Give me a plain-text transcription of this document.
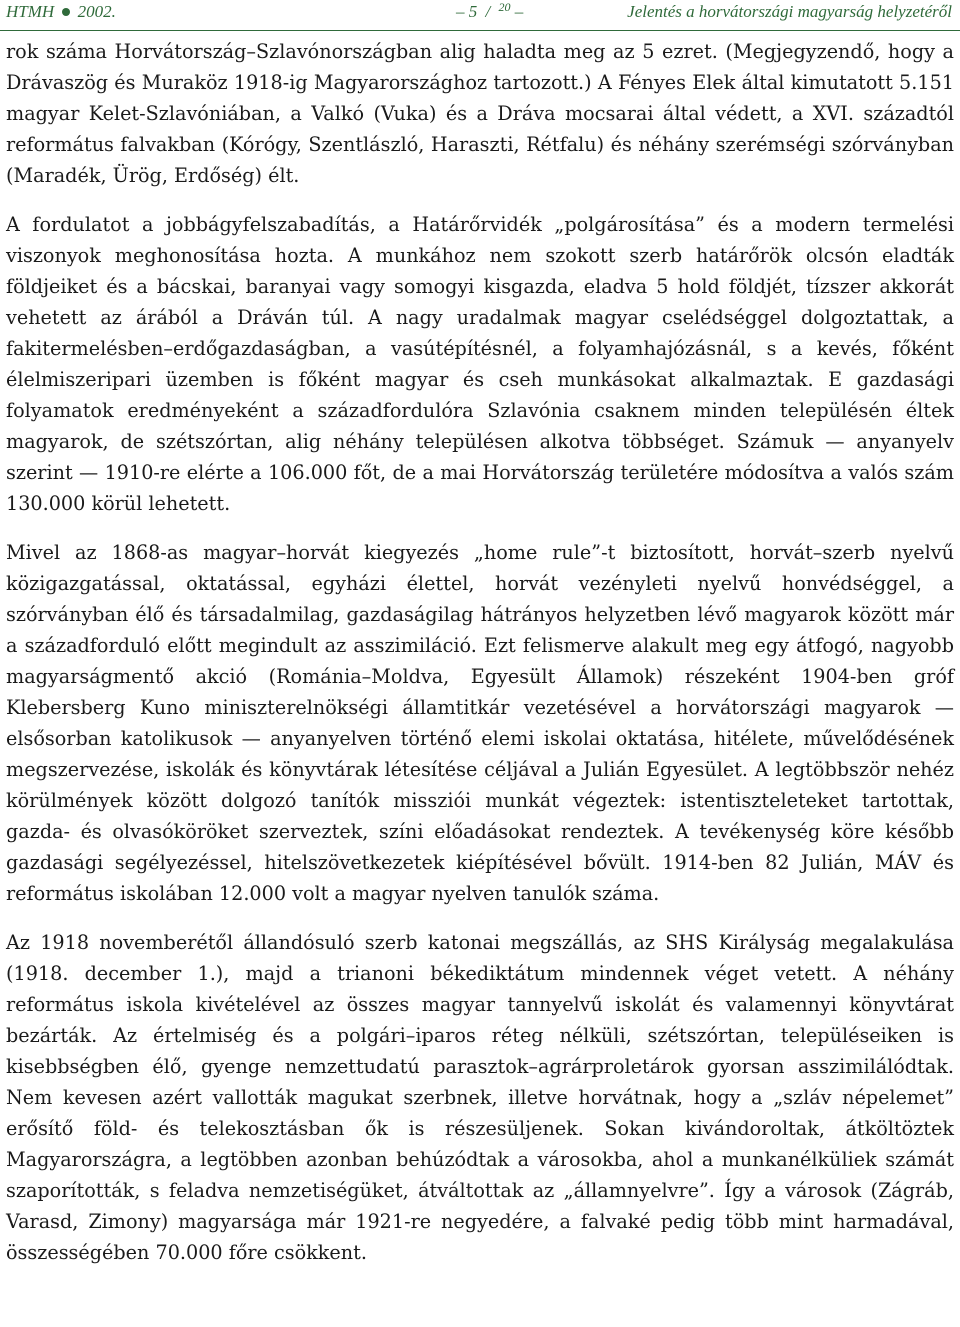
HTMH 2002.	– 5 / $^{20}$ –	Jelentés a horvátországi magyarság helyzetéről

rok száma Horvátország–Szlavónországban alig haladta meg az 5 ezret. (Megjegyzendő, hogy a Drávaszög és Muraköz 1918-ig Magyarországhoz tartozott.) A Fényes Elek által kimutatott 5.151 magyar Kelet-Szlavóniában, a Valkó (Vuka) és a Dráva mocsarai által védett, a XVI. századtól református falvakban (Kórógy, Szentlászló, Haraszti, Rétfalu) és néhány szerémségi szórványban (Maradék, Ürög, Erdőség) élt.

A fordulatot a jobbágyfelszabadítás, a Határőrvidék „polgárosítása” és a modern termelési viszonyok meghonosítása hozta. A munkához nem szokott szerb határőrök olcsón eladták földjeiket és a bácskai, baranyai vagy somogyi kisgazda, eladva 5 hold földjét, tízszer akkorát vehetett az árából a Dráván túl. A nagy uradalmak magyar cselédséggel dolgoztattak, a fakitermelésben–erdőgazdaságban, a vasútépítésnél, a folyamhajózásnál, s a kevés, főként élelmiszeripari üzemben is főként magyar és cseh munkásokat alkalmaztak. E gazdasági folyamatok eredményeként a századfordulóra Szlavónia csaknem minden településén éltek magyarok, de szétszórtan, alig néhány településen alkotva többséget. Számuk — anyanyelv szerint — 1910-re elérte a 106.000 főt, de a mai Horvátország területére módosítva a valós szám 130.000 körül lehetett.

Mivel az 1868-as magyar–horvát kiegyezés „home rule”-t biztosított, horvát–szerb nyelvű közigazgatással, oktatással, egyházi élettel, horvát vezényleti nyelvű honvédséggel, a szórványban élő és társadalmilag, gazdaságilag hátrányos helyzetben lévő magyarok között már a századforduló előtt megindult az asszimiláció. Ezt felismerve alakult meg egy átfogó, nagyobb magyarságmentő akció (Románia–Moldva, Egyesült Államok) részeként 1904-ben gróf Klebersberg Kuno miniszterelnökségi államtitkár vezetésével a horvátországi magyarok — elsősorban katolikusok — anyanyelven történő elemi iskolai oktatása, hitélete, művelődésének megszervezése, iskolák és könyvtárak létesítése céljával a Julián Egyesület. A legtöbbször nehéz körülmények között dolgozó tanítók missziói munkát végeztek: istentiszteleteket tartottak, gazda- és olvasóköröket szerveztek, színi előadásokat rendeztek. A tevékenység köre később gazdasági segélyezéssel, hitelszövetkezetek kiépítésével bővült. 1914-ben 82 Julián, MÁV és református iskolában 12.000 volt a magyar nyelven tanulók száma.

Az 1918 novemberétől állandósuló szerb katonai megszállás, az SHS Királyság megalakulása (1918. december 1.), majd a trianoni békediktátum mindennek véget vetett. A néhány református iskola kivételével az összes magyar tannyelvű iskolát és valamennyi könyvtárat bezárták. Az értelmiség és a polgári–iparos réteg nélküli, szétszórtan, településeiken is kisebbségben élő, gyenge nemzettudatú parasztok–agrárproletárok gyorsan asszimilálódtak. Nem kevesen azért vallották magukat szerbnek, illetve horvátnak, hogy a „szláv népelemet” erősítő föld- és telekosztásban ők is részesüljenek. Sokan kivándoroltak, átköltöztek Magyarországra, a legtöbben azonban behúzódtak a városokba, ahol a munkanélküliek számát szaporították, s feladva nemzetiségüket, átváltottak az „államnyelvre”. Így a városok (Zágráb, Varasd, Zimony) magyarsága már 1921-re negyedére, a falvaké pedig több mint harmadával, összességében 70.000 főre csökkent.
